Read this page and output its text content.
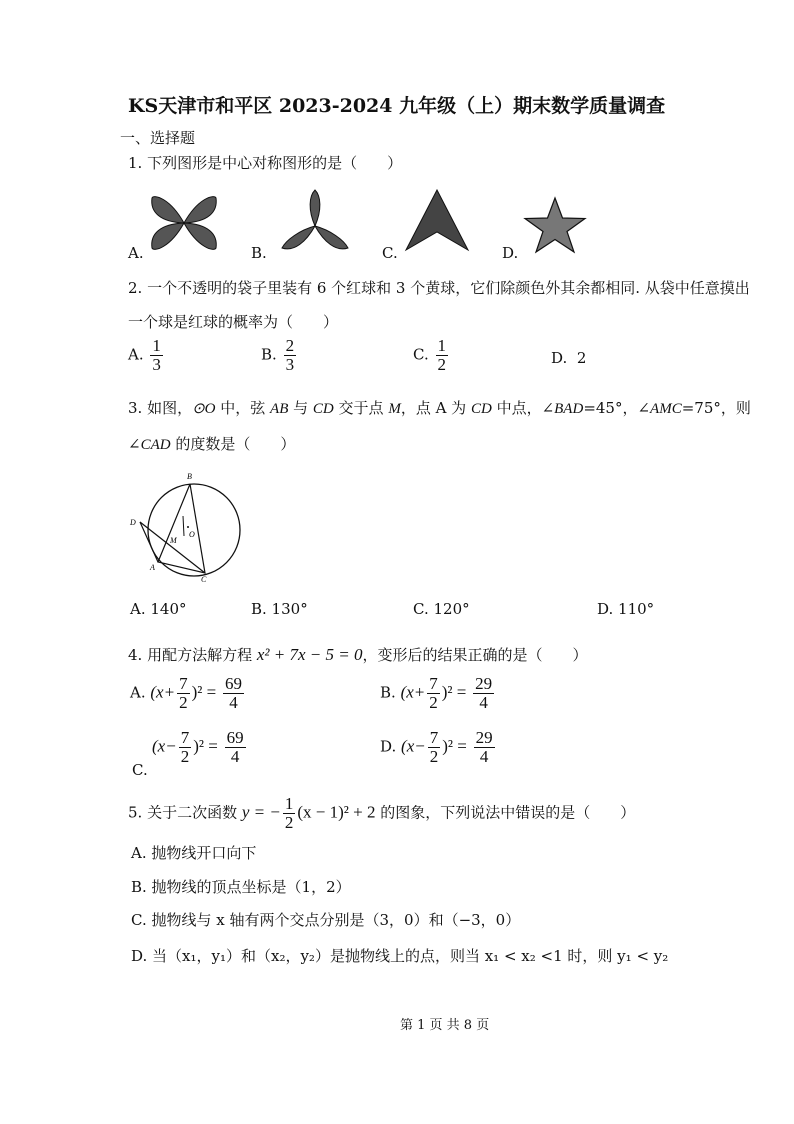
KS天津市和平区 2023-2024 九年级（上）期末数学质量调查
一、选择题
1. 下列图形是中心对称图形的是（　　）
A.	B.	C.	D.
2. 一个不透明的袋子里装有 6 个红球和 3 个黄球，它们除颜色外其余都相同. 从袋中任意摸出
一个球是红球的概率为（　　）
A. $\frac{1}{3}$	B. $\frac{2}{3}$	C. $\frac{1}{2}$	D. 2
3. 如图，⊙O 中，弦 AB 与 CD 交于点 M，点 A 为 CD 中点，∠BAD=45°，∠AMC=75°，则
∠CAD 的度数是（　　）
B
D
O
M
A
C
A. 140°	B. 130°	C. 120°	D. 110°
4. 用配方法解方程 x² + 7x − 5 = 0，变形后的结果正确的是（　　）
A. $(x+ \frac{7}{2} )^2 = \frac{69}{4}$	B. $(x+ \frac{7}{2} )^2 = \frac{29}{4}$
C.
$(x- \frac{7}{2} )^2 = \frac{69}{4}$	D. $(x- \frac{7}{2} )^2 = \frac{29}{4}$
5. 关于二次函数 y = − $\frac{1}{2} (x - 1)^2 + 2$ 的图象，下列说法中错误的是（　　）
A. 抛物线开口向下
B. 抛物线的顶点坐标是（1，2）
C. 抛物线与 x 轴有两个交点分别是（3，0）和（−3，0）
D. 当（x₁，y₁）和（x₂，y₂）是抛物线上的点，则当 x₁ < x₂ <1 时，则 y₁ < y₂
第 1 页 共 8 页
